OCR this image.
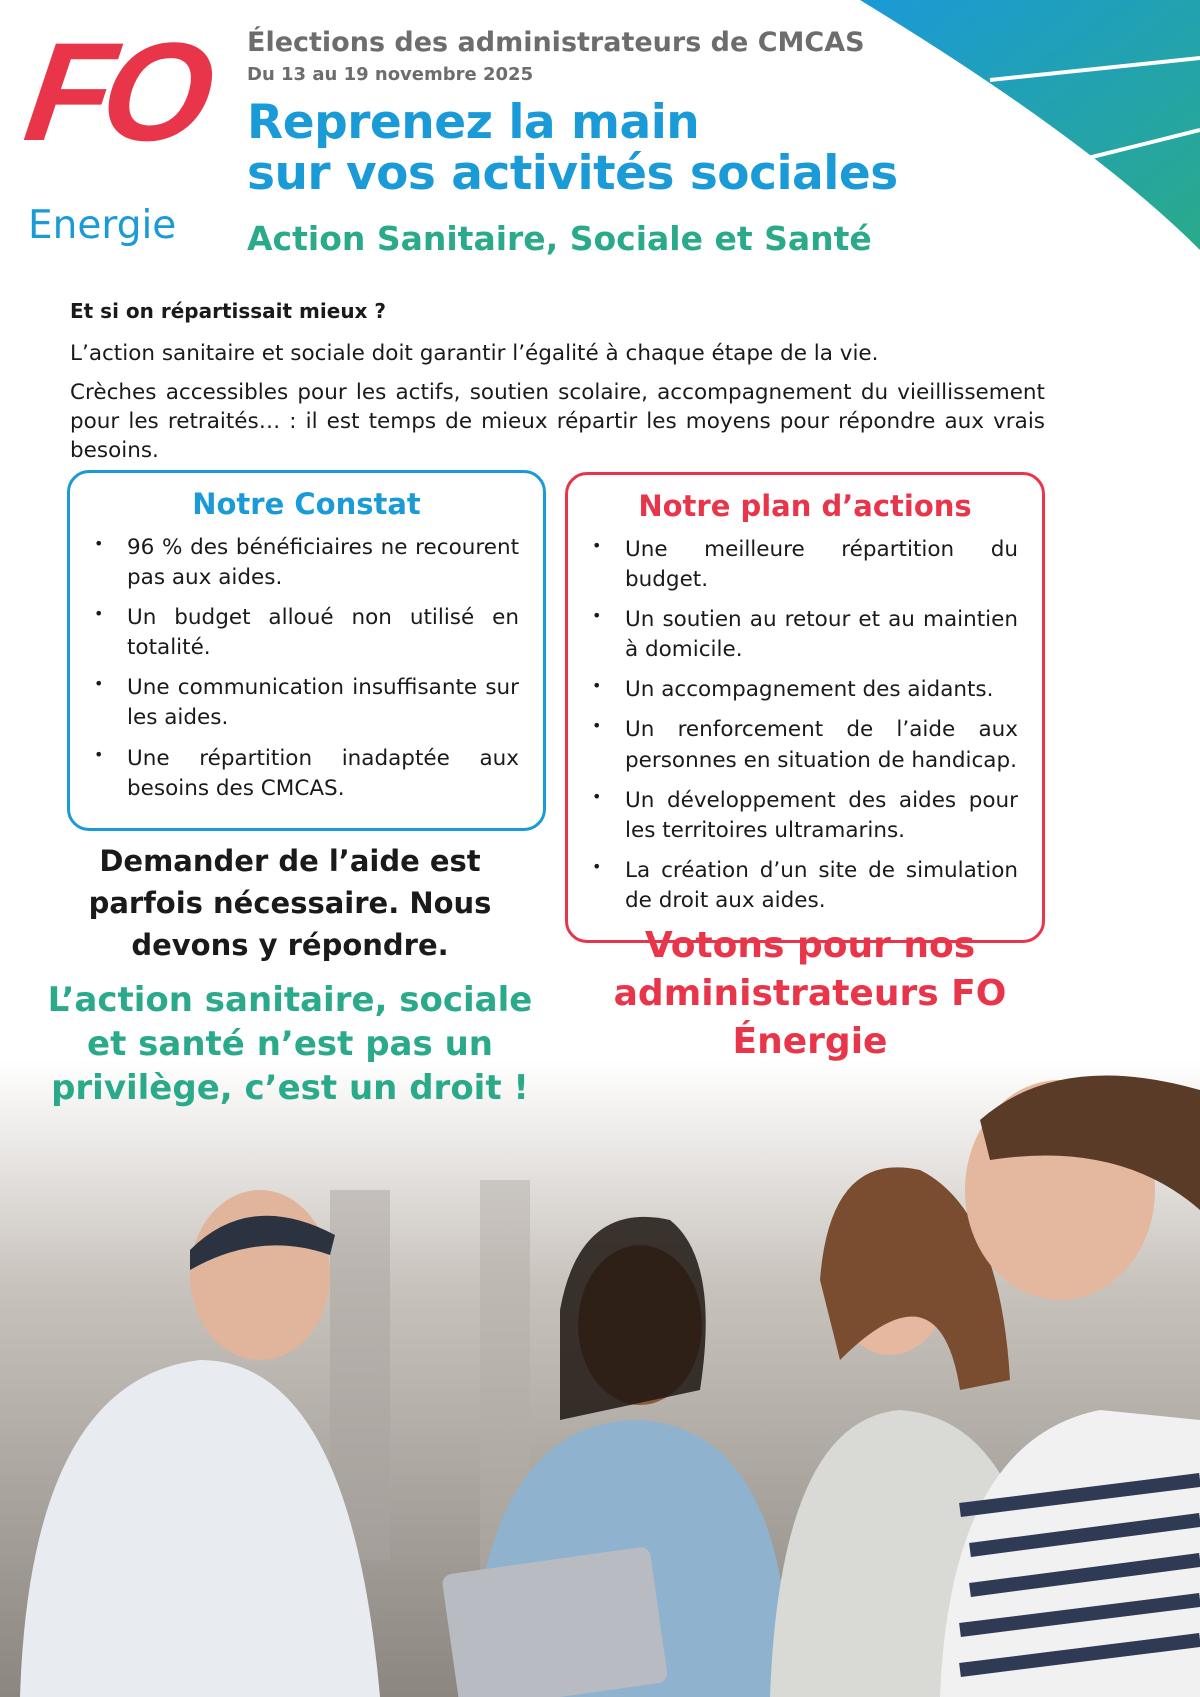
FO
Energie
Élections des administrateurs de CMCAS
Du 13 au 19 novembre 2025
Reprenez la main
sur vos activités sociales
Action Sanitaire, Sociale et Santé
Et si on répartissait mieux ?

L’action sanitaire et sociale doit garantir l’égalité à chaque étape de la vie.

Crèches accessibles pour les actifs, soutien scolaire, accompagnement du vieillissement pour les retraités… : il est temps de mieux répartir les moyens pour répondre aux vrais besoins.

Notre Constat
• 96 % des bénéficiaires ne recourent pas aux aides.
• Un budget alloué non utilisé en totalité.
• Une communication insuffisante sur les aides.
• Une répartition inadaptée aux besoins des CMCAS.
Notre plan d’actions
• Une meilleure répartition du budget.
• Un soutien au retour et au maintien à domicile.
• Un accompagnement des aidants.
• Un renforcement de l’aide aux personnes en situation de handicap.
• Un développement des aides pour les territoires ultramarins.
• La création d’un site de simulation de droit aux aides.
Demander de l’aide est parfois nécessaire. Nous devons y répondre.
L’action sanitaire, sociale et santé n’est pas un privilège, c’est un droit !
Votons pour nos administrateurs FO Énergie
